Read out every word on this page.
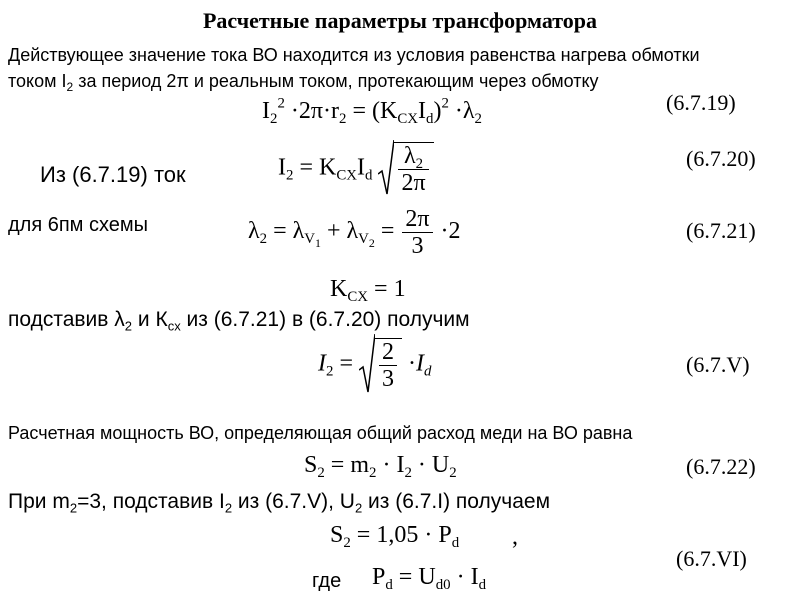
Расчетные параметры трансформатора
Действующее значение тока ВО находится из условия равенства нагрева обмотки
током $I_2$ за период 2π и реальным током, протекающим через обмотку
$I_2^2 \cdot 2\pi\cdot r_2 = (K_{CX}I_d)^2 \cdot\lambda_2$
(6.7.19)
Из (6.7.19) ток	$I_2 = K_{CX}I_d \frac{\lambda_2}{2\pi}$	(6.7.20)
для 6пм схемы	$\lambda_2 = \lambda_{V_1} + \lambda_{V_2} = \frac{2\pi}{3} \cdot 2$	(6.7.21)
$K_{CX} = 1$
подставив $\lambda_2$ и $К_{сх}$ из (6.7.21) в (6.7.20) получим
$I_2 = \frac{2}{3} \cdot I_d$	(6.7.V)
Расчетная мощность ВО, определяющая общий расход меди на ВО равна
$S_2 = m_2 \cdot I_2 \cdot U_2$	(6.7.22)
При $m_2=3$, подставив $I_2$ из (6.7.V), $U_2$ из (6.7.I) получаем
$S_2 = 1,05 \cdot P_d$ ,
(6.7.VI)
где $P_d = U_{d0} \cdot I_d$
